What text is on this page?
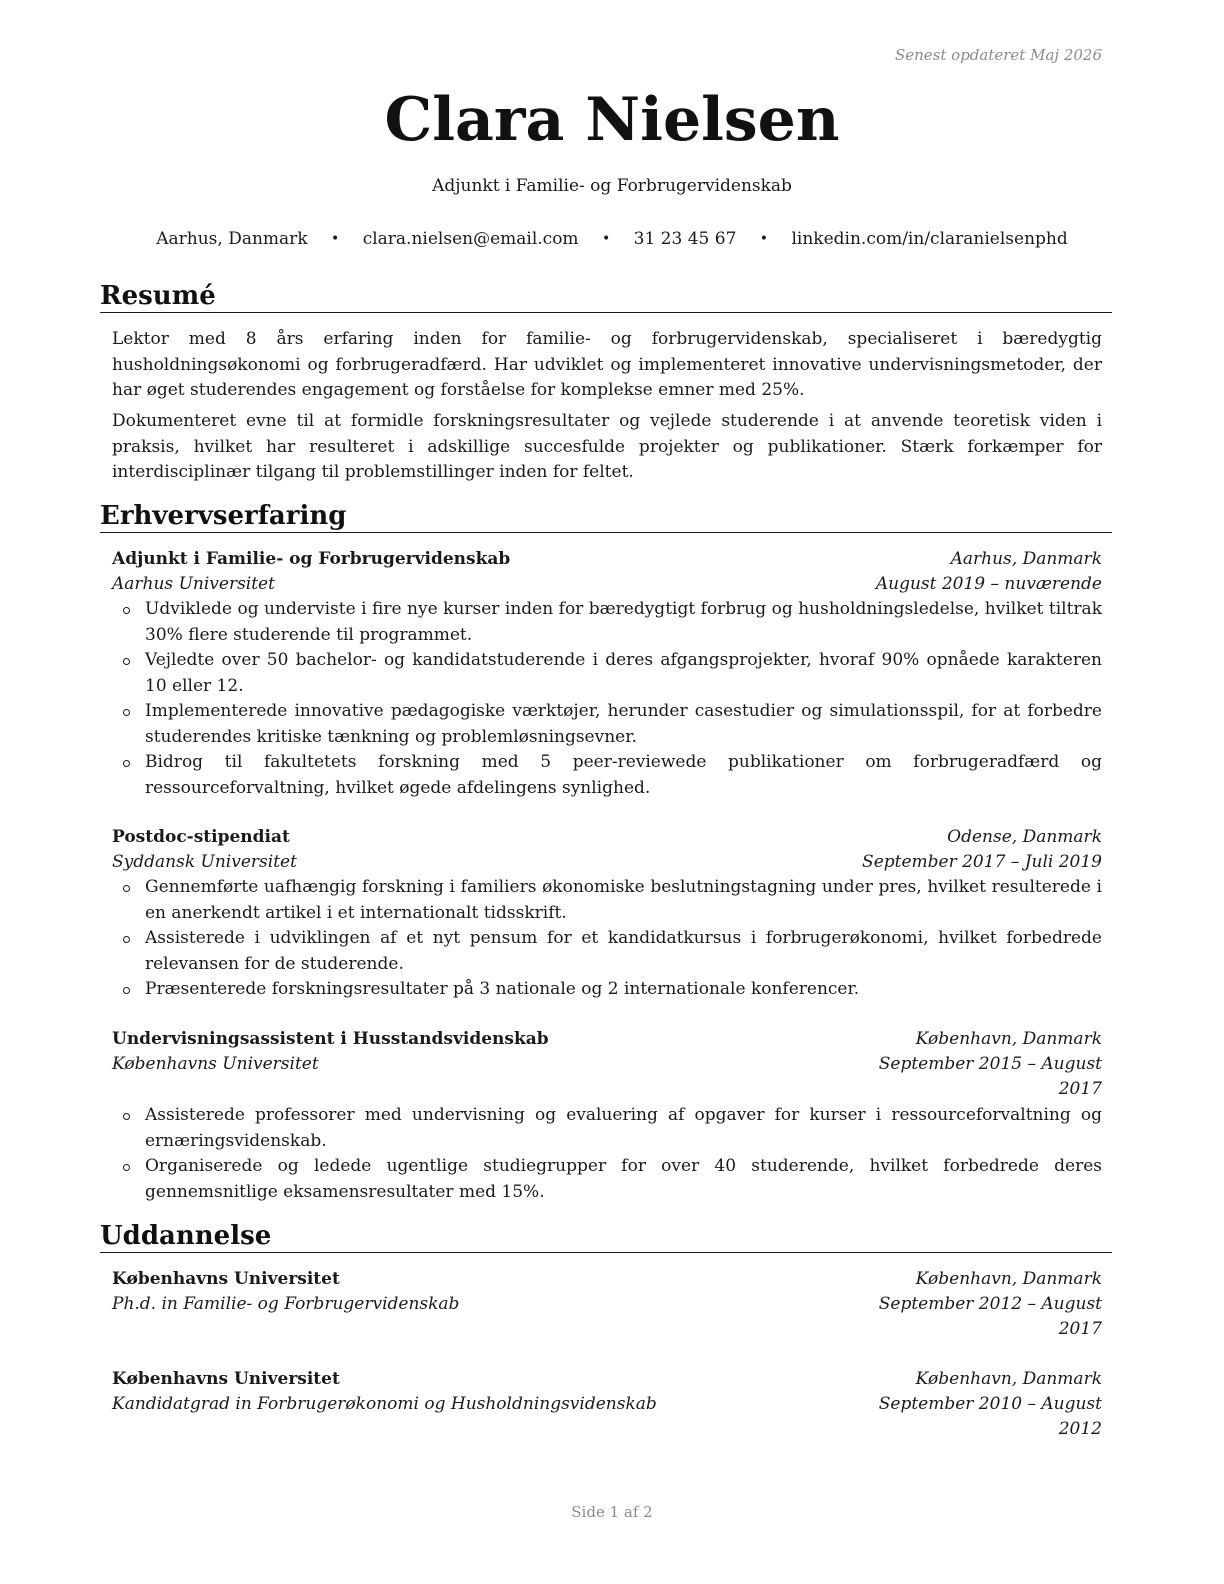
Senest opdateret Maj 2026
Clara Nielsen
Adjunkt i Familie- og Forbrugervidenskab
Aarhus, Danmark • clara.nielsen@email.com • 31 23 45 67 • linkedin.com/in/claranielsenphd
Resumé
Lektor med 8 års erfaring inden for familie- og forbrugervidenskab, specialiseret i bæredygtig husholdningsøkonomi og forbrugeradfærd. Har udviklet og implementeret innovative undervisningsmetoder, der har øget studerendes engagement og forståelse for komplekse emner med 25%.
Dokumenteret evne til at formidle forskningsresultater og vejlede studerende i at anvende teoretisk viden i praksis, hvilket har resulteret i adskillige succesfulde projekter og publikationer. Stærk forkæmper for interdisciplinær tilgang til problemstillinger inden for feltet.
Erhvervserfaring
Adjunkt i Familie- og Forbrugervidenskab	Aarhus, Danmark
Aarhus Universitet	August 2019 – nuværende
Udviklede og underviste i fire nye kurser inden for bæredygtigt forbrug og husholdningsledelse, hvilket tiltrak 30% flere studerende til programmet.
Vejledte over 50 bachelor- og kandidatstuderende i deres afgangsprojekter, hvoraf 90% opnåede karakteren 10 eller 12.
Implementerede innovative pædagogiske værktøjer, herunder casestudier og simulationsspil, for at forbedre studerendes kritiske tænkning og problemløsningsevner.
Bidrog til fakultetets forskning med 5 peer-reviewede publikationer om forbrugeradfærd og ressourceforvaltning, hvilket øgede afdelingens synlighed.
Postdoc-stipendiat	Odense, Danmark
Syddansk Universitet	September 2017 – Juli 2019
Gennemførte uafhængig forskning i familiers økonomiske beslutningstagning under pres, hvilket resulterede i en anerkendt artikel i et internationalt tidsskrift.
Assisterede i udviklingen af et nyt pensum for et kandidatkursus i forbrugerøkonomi, hvilket forbedrede relevansen for de studerende.
Præsenterede forskningsresultater på 3 nationale og 2 internationale konferencer.
Undervisningsassistent i Husstandsvidenskab	København, Danmark
Københavns Universitet	September 2015 – August
2017
Assisterede professorer med undervisning og evaluering af opgaver for kurser i ressourceforvaltning og ernæringsvidenskab.
Organiserede og ledede ugentlige studiegrupper for over 40 studerende, hvilket forbedrede deres gennemsnitlige eksamensresultater med 15%.
Uddannelse
Københavns Universitet	København, Danmark
Ph.d. in Familie- og Forbrugervidenskab	September 2012 – August
2017
Københavns Universitet	København, Danmark
Kandidatgrad in Forbrugerøkonomi og Husholdningsvidenskab	September 2010 – August
2012
Side 1 af 2
